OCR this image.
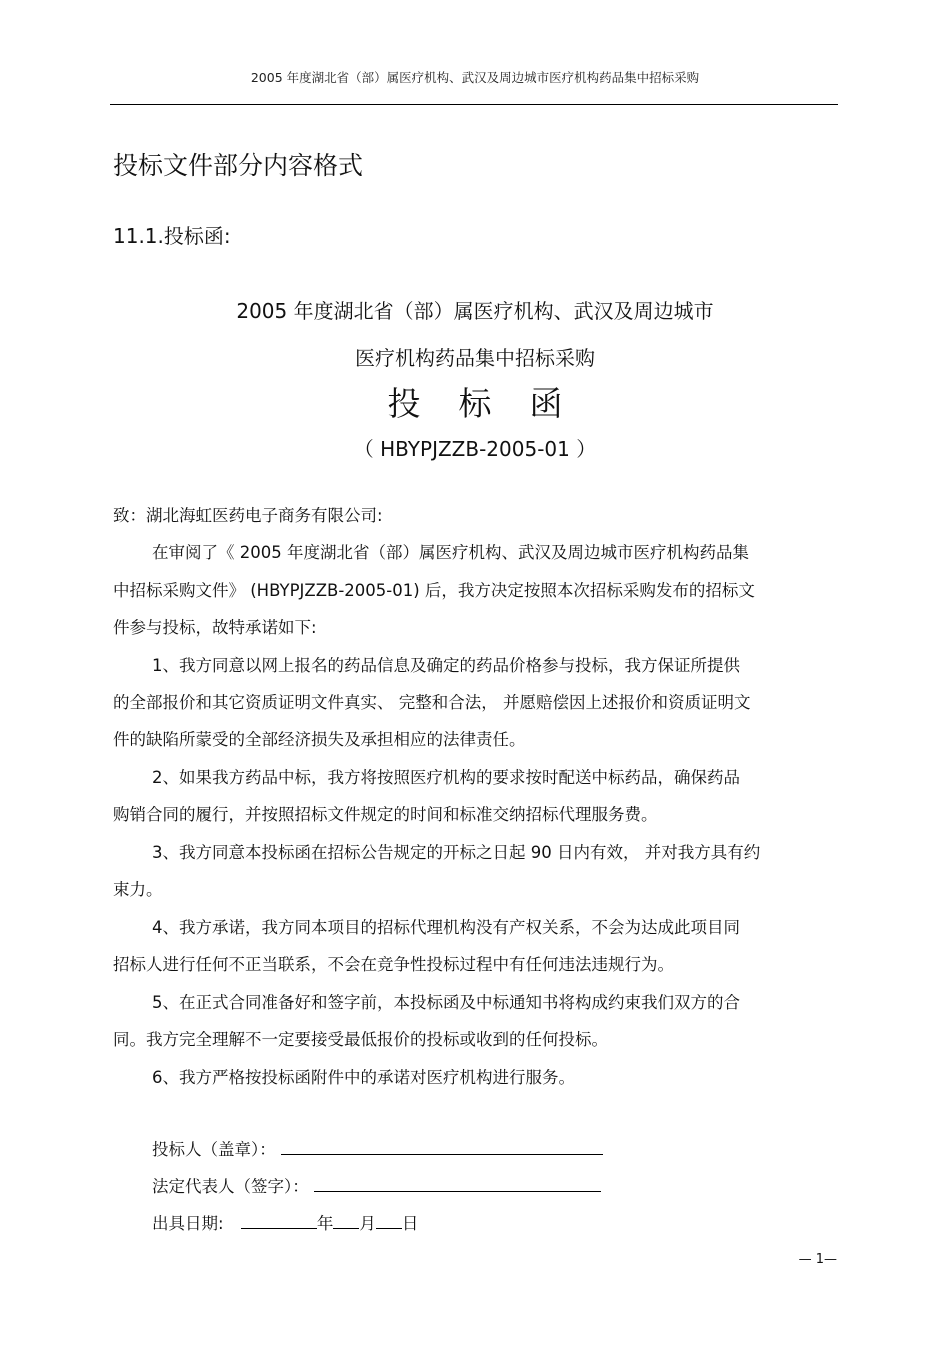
2005 年度湖北省（部）属医疗机构、武汉及周边城市医疗机构药品集中招标采购
投标文件部分内容格式
11.1.投标函:
2005 年度湖北省（部）属医疗机构、武汉及周边城市
医疗机构药品集中招标采购
投标函
（ HBYPJZZB-2005-01 ）
致：湖北海虹医药电子商务有限公司:
在审阅了《 2005 年度湖北省（部）属医疗机构、武汉及周边城市医疗机构药品集
中招标采购文件》 (HBYPJZZB-2005-01) 后，我方决定按照本次招标采购发布的招标文
件参与投标，故特承诺如下:
1、我方同意以网上报名的药品信息及确定的药品价格参与投标，我方保证所提供
的全部报价和其它资质证明文件真实、 完整和合法， 并愿赔偿因上述报价和资质证明文
件的缺陷所蒙受的全部经济损失及承担相应的法律责任。
2、如果我方药品中标，我方将按照医疗机构的要求按时配送中标药品，确保药品
购销合同的履行，并按照招标文件规定的时间和标准交纳招标代理服务费。
3、我方同意本投标函在招标公告规定的开标之日起 90 日内有效， 并对我方具有约
束力。
4、我方承诺，我方同本项目的招标代理机构没有产权关系，不会为达成此项目同
招标人进行任何不正当联系，不会在竞争性投标过程中有任何违法违规行为。
5、在正式合同准备好和签字前，本投标函及中标通知书将构成约束我们双方的合
同。我方完全理解不一定要接受最低报价的投标或收到的任何投标。
6、我方严格按投标函附件中的承诺对医疗机构进行服务。
投标人（盖章）：
法定代表人（签字）：
出具日期:	年 月 日
— 1—
